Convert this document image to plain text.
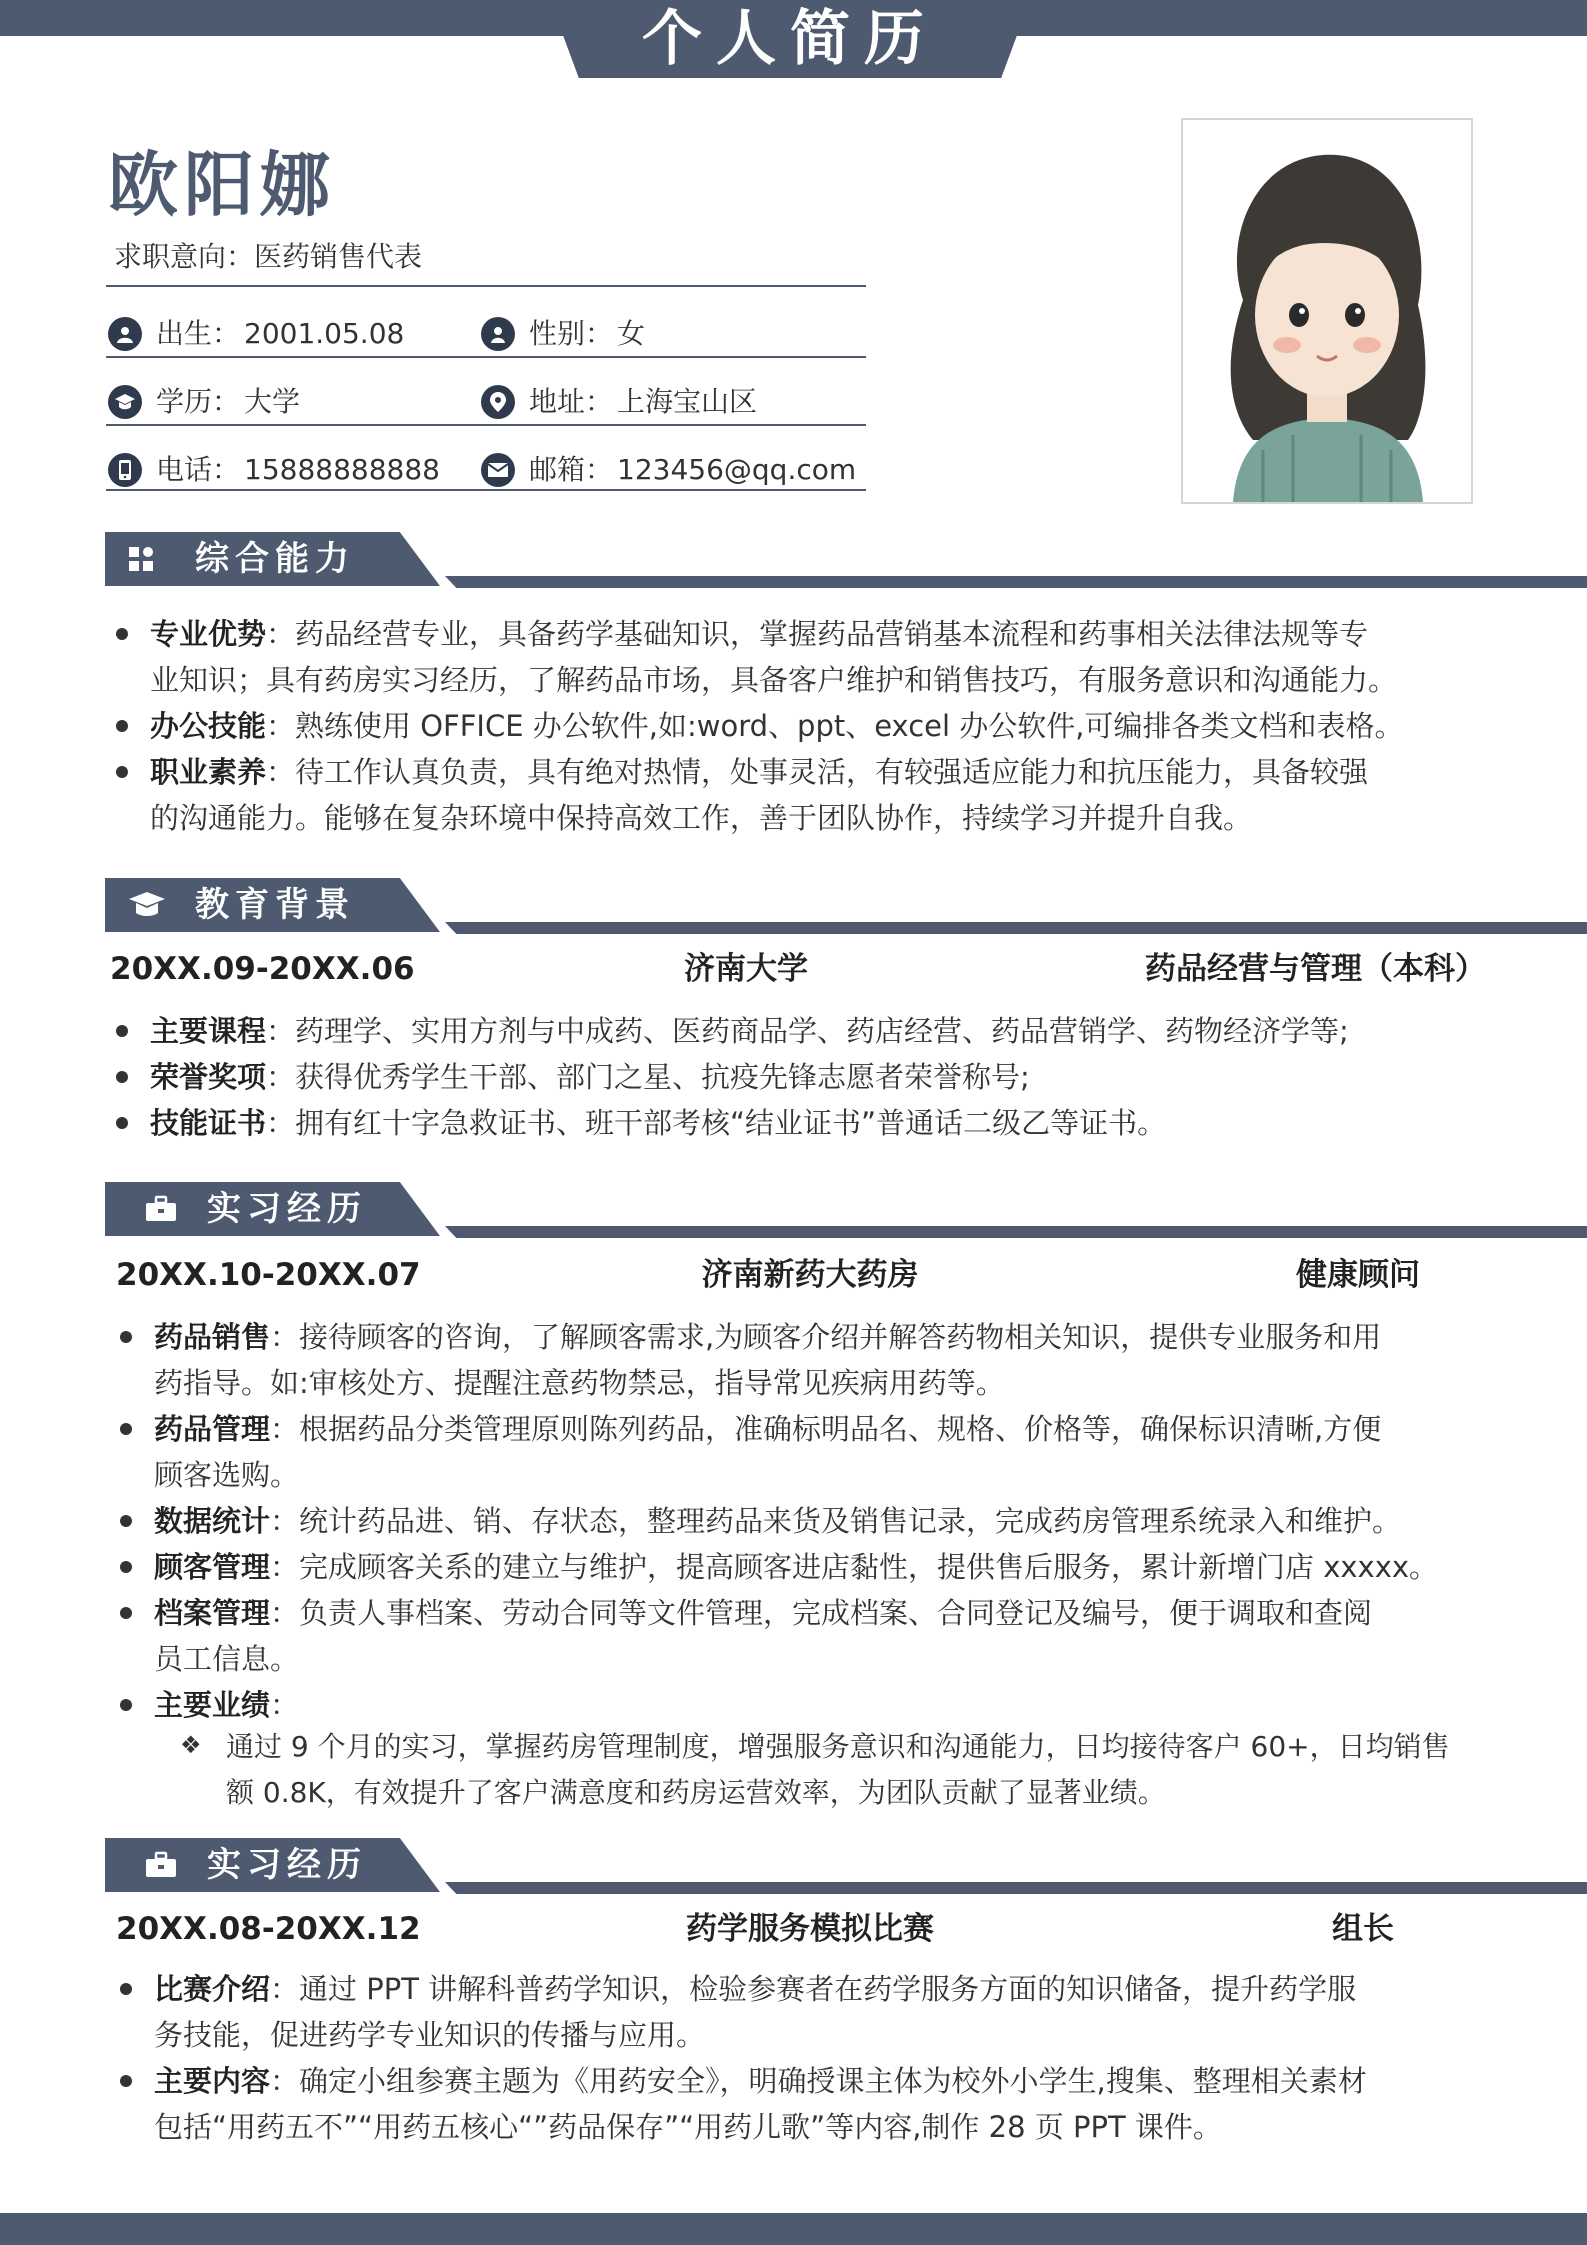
个人简历
欧阳娜
求职意向：医药销售代表
出生： 2001.05.08	性别： 女
学历： 大学	地址： 上海宝山区
电话： 15888888888	邮箱： 123456@qq.com
综合能力
专业优势：药品经营专业，具备药学基础知识，掌握药品营销基本流程和药事相关法律法规等专
业知识；具有药房实习经历，了解药品市场，具备客户维护和销售技巧，有服务意识和沟通能力。
办公技能：熟练使用 OFFICE 办公软件,如:word、ppt、excel 办公软件,可编排各类文档和表格。
职业素养：待工作认真负责，具有绝对热情，处事灵活，有较强适应能力和抗压能力，具备较强
的沟通能力。能够在复杂环境中保持高效工作，善于团队协作，持续学习并提升自我。
教育背景
20XX.09-20XX.06	济南大学	药品经营与管理（本科）
主要课程：药理学、实用方剂与中成药、医药商品学、药店经营、药品营销学、药物经济学等;
荣誉奖项：获得优秀学生干部、部门之星、抗疫先锋志愿者荣誉称号;
技能证书：拥有红十字急救证书、班干部考核“结业证书”普通话二级乙等证书。
实习经历
20XX.10-20XX.07	济南新药大药房	健康顾问
药品销售：接待顾客的咨询，了解顾客需求,为顾客介绍并解答药物相关知识，提供专业服务和用
药指导。如:审核处方、提醒注意药物禁忌，指导常见疾病用药等。
药品管理：根据药品分类管理原则陈列药品，准确标明品名、规格、价格等，确保标识清晰,方便
顾客选购。
数据统计：统计药品进、销、存状态，整理药品来货及销售记录，完成药房管理系统录入和维护。
顾客管理：完成顾客关系的建立与维护，提高顾客进店黏性，提供售后服务，累计新增门店 xxxxx。
档案管理：负责人事档案、劳动合同等文件管理，完成档案、合同登记及编号，便于调取和查阅
员工信息。
主要业绩：
❖ 通过 9 个月的实习，掌握药房管理制度，增强服务意识和沟通能力，日均接待客户 60+，日均销售
额 0.8K，有效提升了客户满意度和药房运营效率，为团队贡献了显著业绩。
实习经历
20XX.08-20XX.12	药学服务模拟比赛	组长
比赛介绍：通过 PPT 讲解科普药学知识，检验参赛者在药学服务方面的知识储备，提升药学服
务技能，促进药学专业知识的传播与应用。
主要内容：确定小组参赛主题为《用药安全》，明确授课主体为校外小学生,搜集、整理相关素材
包括“用药五不”“用药五核心“”药品保存”“用药儿歌”等内容,制作 28 页 PPT 课件。
